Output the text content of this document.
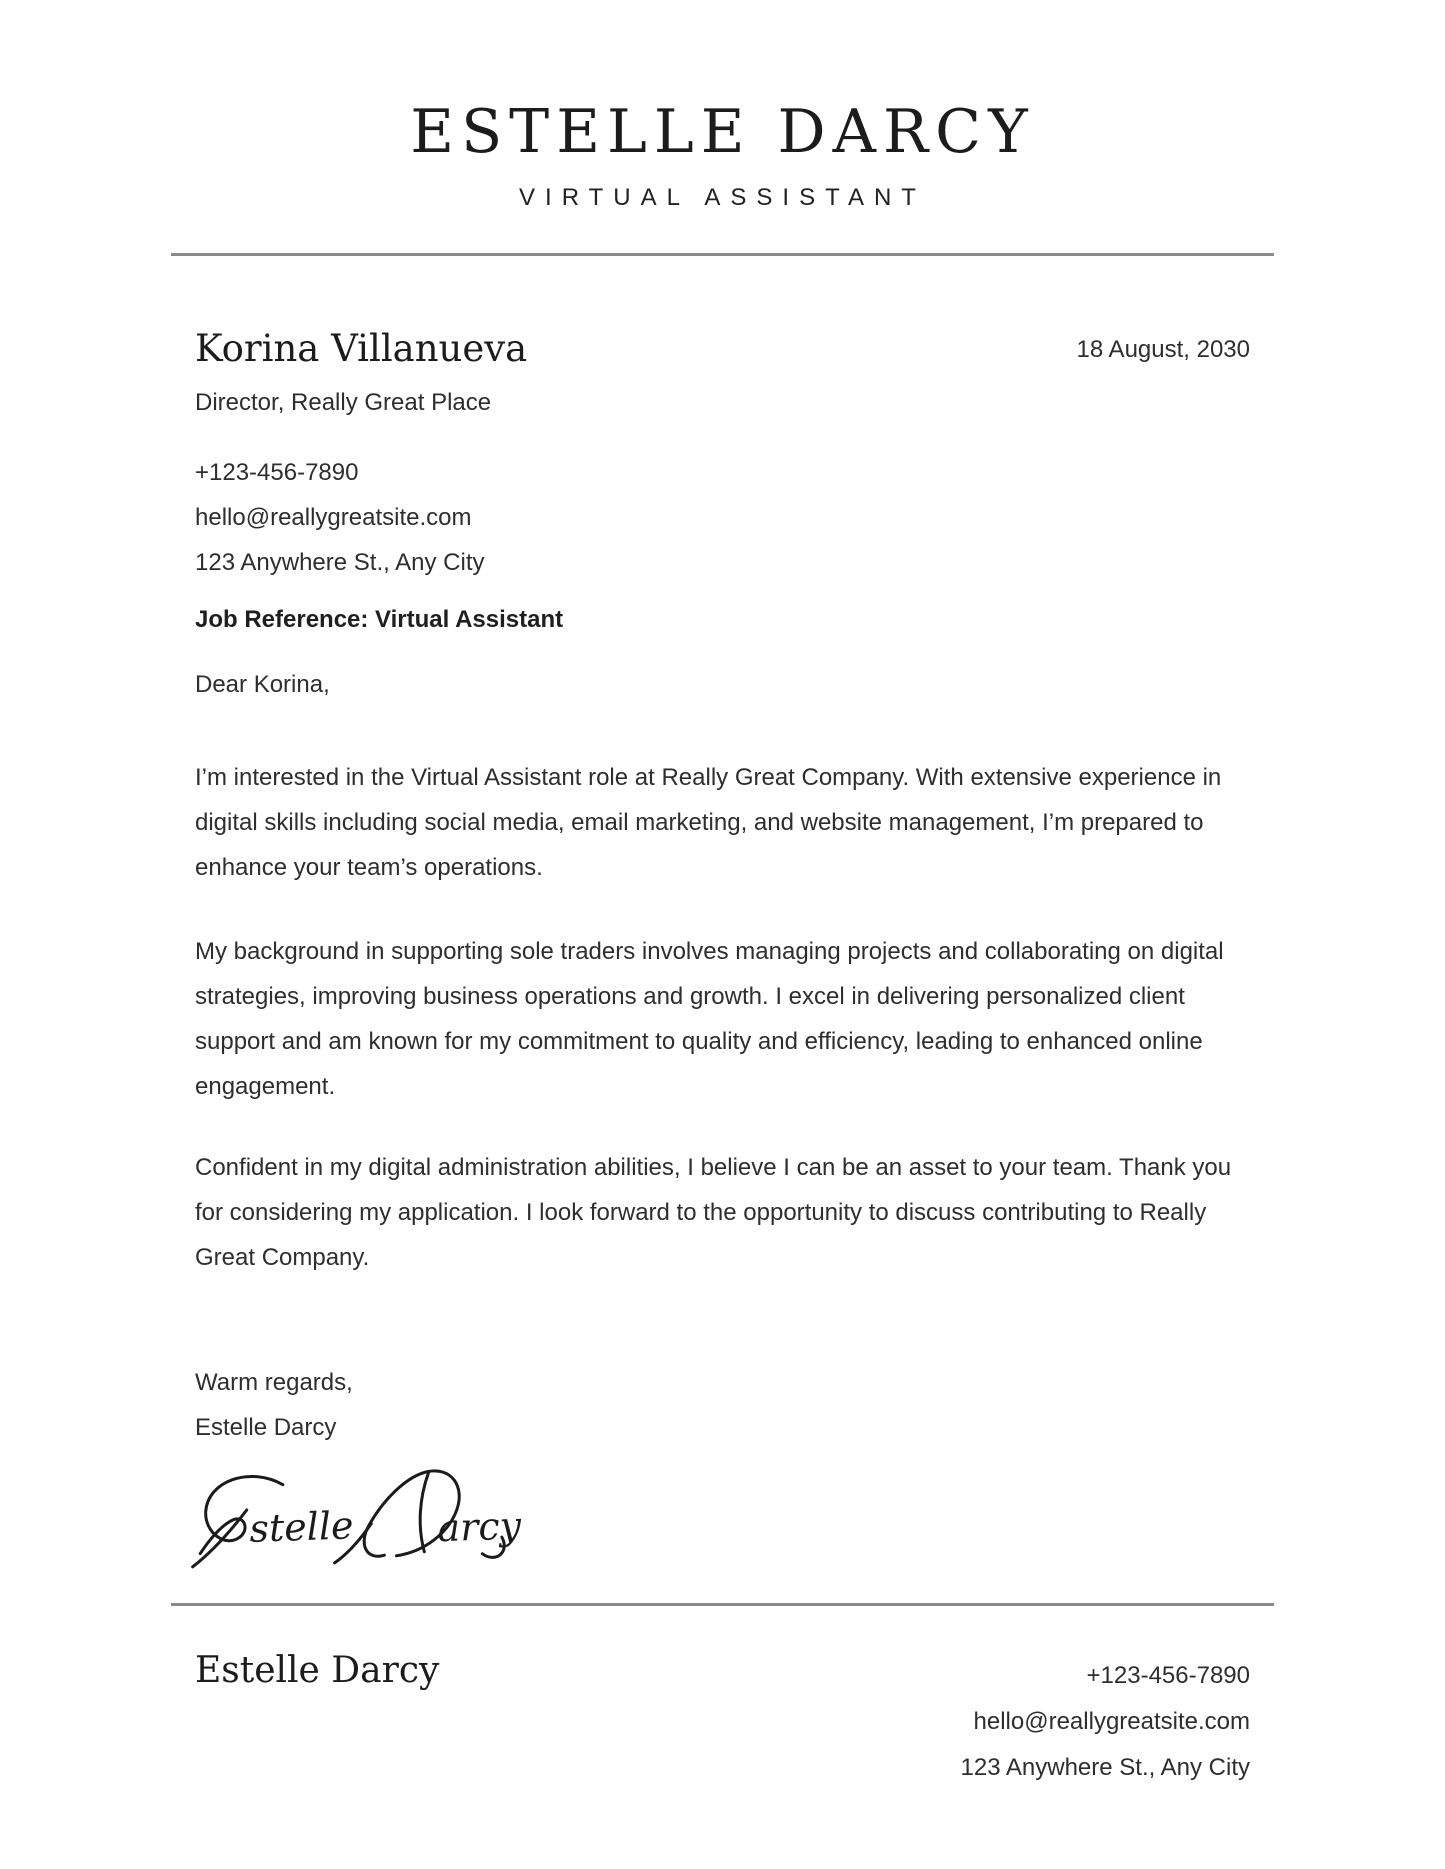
ESTELLE DARCY
VIRTUAL ASSISTANT
Korina Villanueva	18 August, 2030
Director, Really Great Place
+123-456-7890
hello@reallygreatsite.com
123 Anywhere St., Any City
Job Reference: Virtual Assistant
Dear Korina,

I’m interested in the Virtual Assistant role at Really Great Company. With extensive experience in digital skills including social media, email marketing, and website management, I’m prepared to enhance your team’s operations.

My background in supporting sole traders involves managing projects and collaborating on digital strategies, improving business operations and growth. I excel in delivering personalized client support and am known for my commitment to quality and efficiency, leading to enhanced online engagement.

Confident in my digital administration abilities, I believe I can be an asset to your team. Thank you for considering my application. I look forward to the opportunity to discuss contributing to Really Great Company.

Warm regards,
Estelle Darcy
stelle arcy
Estelle Darcy	+123-456-7890
hello@reallygreatsite.com
123 Anywhere St., Any City
